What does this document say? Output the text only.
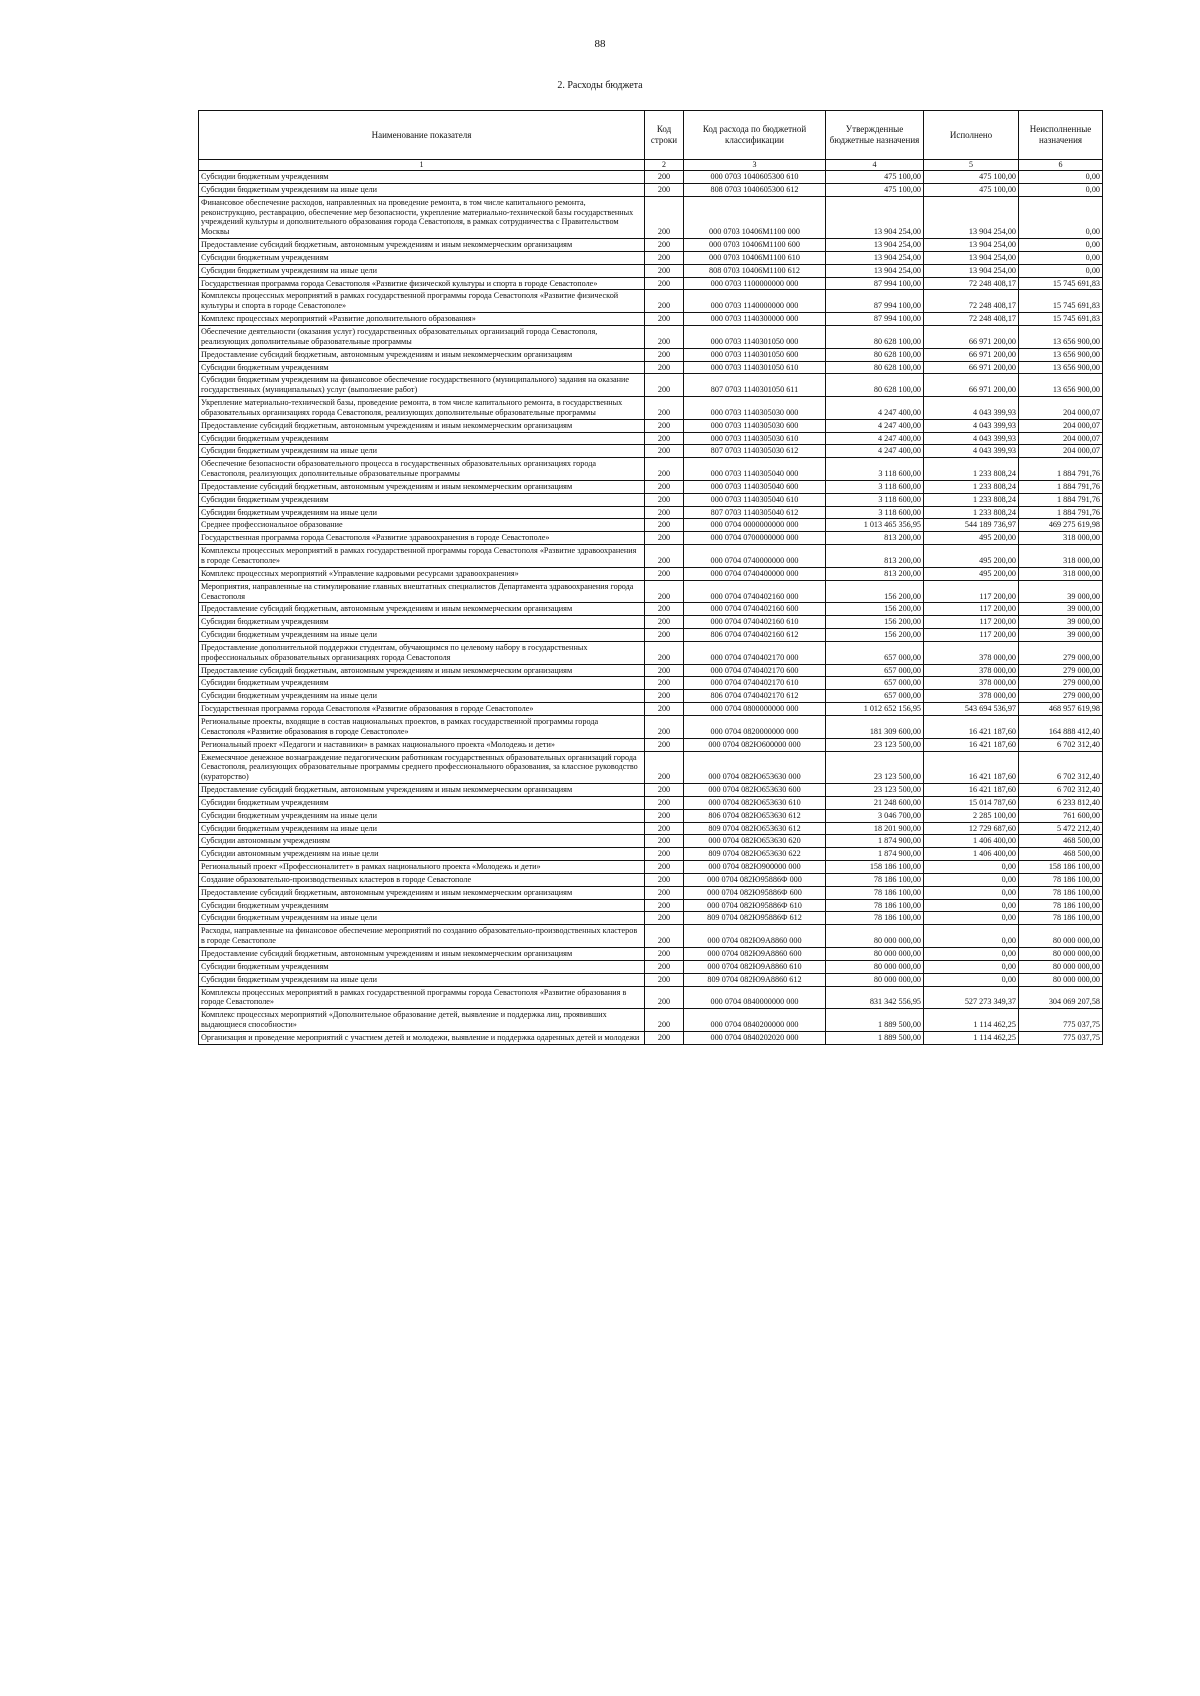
88
2. Расходы бюджета
Наименование показателя	Код строки	Код расхода по бюджетной классификации	Утвержденные бюджетные назначения	Исполнено	Неисполненные назначения
1	2	3	4	5	6
Субсидии бюджетным учреждениям	200	000 0703 1040605300 610	475 100,00	475 100,00	0,00
Субсидии бюджетным учреждениям на иные цели	200	808 0703 1040605300 612	475 100,00	475 100,00	0,00
Финансовое обеспечение расходов, направленных на проведение ремонта, в том числе капитального ремонта, реконструкцию, реставрацию, обеспечение мер безопасности, укрепление материально-технической базы государственных учреждений культуры и дополнительного образования города Севастополя, в рамках сотрудничества с Правительством Москвы	200	000 0703 10406М1100 000	13 904 254,00	13 904 254,00	0,00
Предоставление субсидий бюджетным, автономным учреждениям и иным некоммерческим организациям	200	000 0703 10406М1100 600	13 904 254,00	13 904 254,00	0,00
Субсидии бюджетным учреждениям	200	000 0703 10406М1100 610	13 904 254,00	13 904 254,00	0,00
Субсидии бюджетным учреждениям на иные цели	200	808 0703 10406М1100 612	13 904 254,00	13 904 254,00	0,00
Государственная программа города Севастополя «Развитие физической культуры и спорта в городе Севастополе»	200	000 0703 1100000000 000	87 994 100,00	72 248 408,17	15 745 691,83
Комплексы процессных мероприятий в рамках государственной программы города Севастополя «Развитие физической культуры и спорта в городе Севастополе»	200	000 0703 1140000000 000	87 994 100,00	72 248 408,17	15 745 691,83
Комплекс процессных мероприятий «Развитие дополнительного образования»	200	000 0703 1140300000 000	87 994 100,00	72 248 408,17	15 745 691,83
Обеспечение деятельности (оказания услуг) государственных образовательных организаций города Севастополя, реализующих дополнительные образовательные программы	200	000 0703 1140301050 000	80 628 100,00	66 971 200,00	13 656 900,00
Предоставление субсидий бюджетным, автономным учреждениям и иным некоммерческим организациям	200	000 0703 1140301050 600	80 628 100,00	66 971 200,00	13 656 900,00
Субсидии бюджетным учреждениям	200	000 0703 1140301050 610	80 628 100,00	66 971 200,00	13 656 900,00
Субсидии бюджетным учреждениям на финансовое обеспечение государственного (муниципального) задания на оказание государственных (муниципальных) услуг (выполнение работ)	200	807 0703 1140301050 611	80 628 100,00	66 971 200,00	13 656 900,00
Укрепление материально-технической базы, проведение ремонта, в том числе капитального ремонта, в государственных образовательных организациях города Севастополя, реализующих дополнительные образовательные программы	200	000 0703 1140305030 000	4 247 400,00	4 043 399,93	204 000,07
Предоставление субсидий бюджетным, автономным учреждениям и иным некоммерческим организациям	200	000 0703 1140305030 600	4 247 400,00	4 043 399,93	204 000,07
Субсидии бюджетным учреждениям	200	000 0703 1140305030 610	4 247 400,00	4 043 399,93	204 000,07
Субсидии бюджетным учреждениям на иные цели	200	807 0703 1140305030 612	4 247 400,00	4 043 399,93	204 000,07
Обеспечение безопасности образовательного процесса в государственных образовательных организациях города Севастополя, реализующих дополнительные образовательные программы	200	000 0703 1140305040 000	3 118 600,00	1 233 808,24	1 884 791,76
Предоставление субсидий бюджетным, автономным учреждениям и иным некоммерческим организациям	200	000 0703 1140305040 600	3 118 600,00	1 233 808,24	1 884 791,76
Субсидии бюджетным учреждениям	200	000 0703 1140305040 610	3 118 600,00	1 233 808,24	1 884 791,76
Субсидии бюджетным учреждениям на иные цели	200	807 0703 1140305040 612	3 118 600,00	1 233 808,24	1 884 791,76
Среднее профессиональное образование	200	000 0704 0000000000 000	1 013 465 356,95	544 189 736,97	469 275 619,98
Государственная программа города Севастополя «Развитие здравоохранения в городе Севастополе»	200	000 0704 0700000000 000	813 200,00	495 200,00	318 000,00
Комплексы процессных мероприятий в рамках государственной программы города Севастополя «Развитие здравоохранения в городе Севастополе»	200	000 0704 0740000000 000	813 200,00	495 200,00	318 000,00
Комплекс процессных мероприятий «Управление кадровыми ресурсами здравоохранения»	200	000 0704 0740400000 000	813 200,00	495 200,00	318 000,00
Мероприятия, направленные на стимулирование главных внештатных специалистов Департамента здравоохранения города Севастополя	200	000 0704 0740402160 000	156 200,00	117 200,00	39 000,00
Предоставление субсидий бюджетным, автономным учреждениям и иным некоммерческим организациям	200	000 0704 0740402160 600	156 200,00	117 200,00	39 000,00
Субсидии бюджетным учреждениям	200	000 0704 0740402160 610	156 200,00	117 200,00	39 000,00
Субсидии бюджетным учреждениям на иные цели	200	806 0704 0740402160 612	156 200,00	117 200,00	39 000,00
Предоставление дополнительной поддержки студентам, обучающимся по целевому набору в государственных профессиональных образовательных организациях города Севастополя	200	000 0704 0740402170 000	657 000,00	378 000,00	279 000,00
Предоставление субсидий бюджетным, автономным учреждениям и иным некоммерческим организациям	200	000 0704 0740402170 600	657 000,00	378 000,00	279 000,00
Субсидии бюджетным учреждениям	200	000 0704 0740402170 610	657 000,00	378 000,00	279 000,00
Субсидии бюджетным учреждениям на иные цели	200	806 0704 0740402170 612	657 000,00	378 000,00	279 000,00
Государственная программа города Севастополя «Развитие образования в городе Севастополе»	200	000 0704 0800000000 000	1 012 652 156,95	543 694 536,97	468 957 619,98
Региональные проекты, входящие в состав национальных проектов, в рамках государственной программы города Севастополя «Развитие образования в городе Севастополе»	200	000 0704 0820000000 000	181 309 600,00	16 421 187,60	164 888 412,40
Региональный проект «Педагоги и наставники» в рамках национального проекта «Молодежь и дети»	200	000 0704 082Ю600000 000	23 123 500,00	16 421 187,60	6 702 312,40
Ежемесячное денежное вознаграждение педагогическим работникам государственных образовательных организаций города Севастополя, реализующих образовательные программы среднего профессионального образования, за классное руководство (кураторство)	200	000 0704 082Ю653630 000	23 123 500,00	16 421 187,60	6 702 312,40
Предоставление субсидий бюджетным, автономным учреждениям и иным некоммерческим организациям	200	000 0704 082Ю653630 600	23 123 500,00	16 421 187,60	6 702 312,40
Субсидии бюджетным учреждениям	200	000 0704 082Ю653630 610	21 248 600,00	15 014 787,60	6 233 812,40
Субсидии бюджетным учреждениям на иные цели	200	806 0704 082Ю653630 612	3 046 700,00	2 285 100,00	761 600,00
Субсидии бюджетным учреждениям на иные цели	200	809 0704 082Ю653630 612	18 201 900,00	12 729 687,60	5 472 212,40
Субсидии автономным учреждениям	200	000 0704 082Ю653630 620	1 874 900,00	1 406 400,00	468 500,00
Субсидии автономным учреждениям на иные цели	200	809 0704 082Ю653630 622	1 874 900,00	1 406 400,00	468 500,00
Региональный проект «Профессионалитет» в рамках национального проекта «Молодежь и дети»	200	000 0704 082Ю900000 000	158 186 100,00	0,00	158 186 100,00
Создание образовательно-производственных кластеров в городе Севастополе	200	000 0704 082Ю95886Ф 000	78 186 100,00	0,00	78 186 100,00
Предоставление субсидий бюджетным, автономным учреждениям и иным некоммерческим организациям	200	000 0704 082Ю95886Ф 600	78 186 100,00	0,00	78 186 100,00
Субсидии бюджетным учреждениям	200	000 0704 082Ю95886Ф 610	78 186 100,00	0,00	78 186 100,00
Субсидии бюджетным учреждениям на иные цели	200	809 0704 082Ю95886Ф 612	78 186 100,00	0,00	78 186 100,00
Расходы, направленные на финансовое обеспечение мероприятий по созданию образовательно-производственных кластеров в городе Севастополе	200	000 0704 082Ю9А8860 000	80 000 000,00	0,00	80 000 000,00
Предоставление субсидий бюджетным, автономным учреждениям и иным некоммерческим организациям	200	000 0704 082Ю9А8860 600	80 000 000,00	0,00	80 000 000,00
Субсидии бюджетным учреждениям	200	000 0704 082Ю9А8860 610	80 000 000,00	0,00	80 000 000,00
Субсидии бюджетным учреждениям на иные цели	200	809 0704 082Ю9А8860 612	80 000 000,00	0,00	80 000 000,00
Комплексы процессных мероприятий в рамках государственной программы города Севастополя «Развитие образования в городе Севастополе»	200	000 0704 0840000000 000	831 342 556,95	527 273 349,37	304 069 207,58
Комплекс процессных мероприятий «Дополнительное образование детей, выявление и поддержка лиц, проявивших выдающиеся способности»	200	000 0704 0840200000 000	1 889 500,00	1 114 462,25	775 037,75
Организация и проведение мероприятий с участием детей и молодежи, выявление и поддержка одаренных детей и молодежи	200	000 0704 0840202020 000	1 889 500,00	1 114 462,25	775 037,75
